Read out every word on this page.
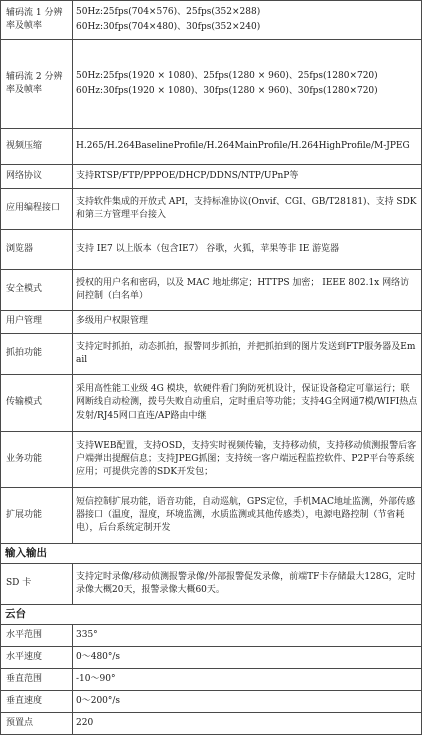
辅码流 1 分辨率及帧率	50Hz:25fps(704×576)、25fps(352×288)
60Hz:30fps(704×480)、30fps(352×240)

辅码流 2 分辨率及帧率	50Hz:25fps(1920 × 1080)、25fps(1280 × 960)、25fps(1280×720)
60Hz:30fps(1920 × 1080)、30fps(1280 × 960)、30fps(1280×720)

视频压缩	H.265/H.264BaselineProfile/H.264MainProfile/H.264HighProfile/M-JPEG
网络协议	支持RTSP/FTP/PPPOE/DHCP/DDNS/NTP/UPnP等
应用编程接口	支持软件集成的开放式 API，支持标准协议(Onvif、CGI、GB/T28181)、支持 SDK 和第三方管理平台接入
浏览器	支持 IE7 以上版本（包含IE7） 谷歌，火狐，苹果等非 IE 游览器
安全模式	授权的用户名和密码，以及 MAC 地址绑定；HTTPS 加密； IEEE 802.1x 网络访问控制（白名单）
用户管理	多级用户权限管理
抓拍功能	支持定时抓拍，动态抓拍，报警同步抓拍，并把抓拍到的图片发送到FTP服务器及Email
传输模式	采用高性能工业级 4G 模块，软硬件看门狗防死机设计，保证设备稳定可靠运行；联网断线自动检测，拨号失败自动重启，定时重启等功能；支持4G全网通7模/WIFI热点发射/RJ45网口直连/AP路由中继
业务功能	支持WEB配置，支持OSD，支持实时视频传输，支持移动侦，支持移动侦测报警后客户端弹出提醒信息；支持JPEG抓图；支持统一客户端远程监控软件、P2P平台等系统应用；可提供完善的SDK开发包；
扩展功能	短信控制扩展功能，语音功能，自动巡航，GPS定位，手机MAC地址监测，外部传感器接口（温度，湿度，环境监测，水质监测或其他传感类），电源电路控制（节省耗电），后台系统定制开发
输入输出	
SD 卡	支持定时录像/移动侦测报警录像/外部报警促发录像，前端TF卡存储最大128G，定时录像大概20天，报警录像大概60天。
云台	
水平范围	335°
水平速度	0～480°/s
垂直范围	-10～90°
垂直速度	0～200°/s
预置点	220
